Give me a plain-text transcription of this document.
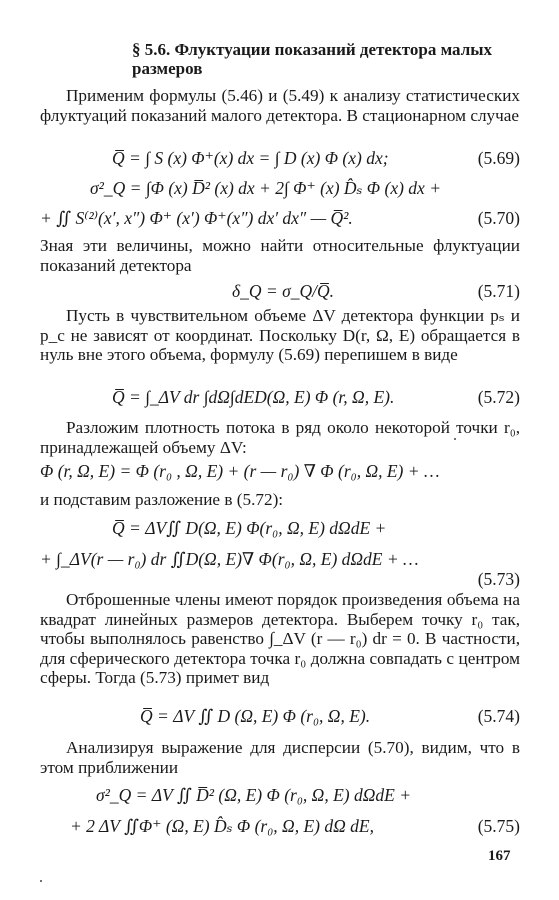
§ 5.6. Флуктуации показаний детектора малых размеров
Применим формулы (5.46) и (5.49) к анализу статистических флуктуаций показаний малого детектора. В стационарном случае
Q̅ = ∫ S (x) Φ⁺(x) dx = ∫ D (x) Φ (x) dx;	(5.69)
σ²_Q = ∫Φ (x) D̅² (x) dx + 2∫ Φ⁺ (x) D̂ₛ Φ (x) dx +
+ ∬ S⁽²⁾(x′, x″) Φ⁺ (x′) Φ⁺(x″) dx′ dx″ — Q̅².	(5.70)
Зная эти величины, можно найти относительные флуктуации показаний детектора
δ_Q = σ_Q/Q̅.	(5.71)
Пусть в чувствительном объеме ΔV детектора функции pₛ и p_c не зависят от координат. Поскольку D(r, Ω, E) обращается в нуль вне этого объема, формулу (5.69) перепишем в виде
Q̅ = ∫_ΔV dr ∫dΩ∫dED(Ω, E) Φ (r, Ω, E).	(5.72)
Разложим плотность потока в ряд около некоторой точки r₀, принадлежащей объему ΔV:
Φ (r, Ω, E) = Φ (r₀ , Ω, E) + (r — r₀) ∇ Φ (r₀, Ω, E) + …
и подставим разложение в (5.72):
Q̅ = ΔV∬ D(Ω, E) Φ(r₀, Ω, E) dΩdE +
+ ∫_ΔV(r — r₀) dr ∬D(Ω, E)∇ Φ(r₀, Ω, E) dΩdE + …
(5.73)
Отброшенные члены имеют порядок произведения объема на квадрат линейных размеров детектора. Выберем точку r₀ так, чтобы выполнялось равенство ∫_ΔV (r — r₀) dr = 0. В частности, для сферического детектора точка r₀ должна совпадать с центром сферы. Тогда (5.73) примет вид
Q̅ = ΔV ∬ D (Ω, E) Φ (r₀, Ω, E).	(5.74)
Анализируя выражение для дисперсии (5.70), видим, что в этом приближении
σ²_Q = ΔV ∬ D̅² (Ω, E) Φ (r₀, Ω, E) dΩdE +
+ 2 ΔV ∬Φ⁺ (Ω, E) D̂ₛ Φ (r₀, Ω, E) dΩ dE,	(5.75)
167
